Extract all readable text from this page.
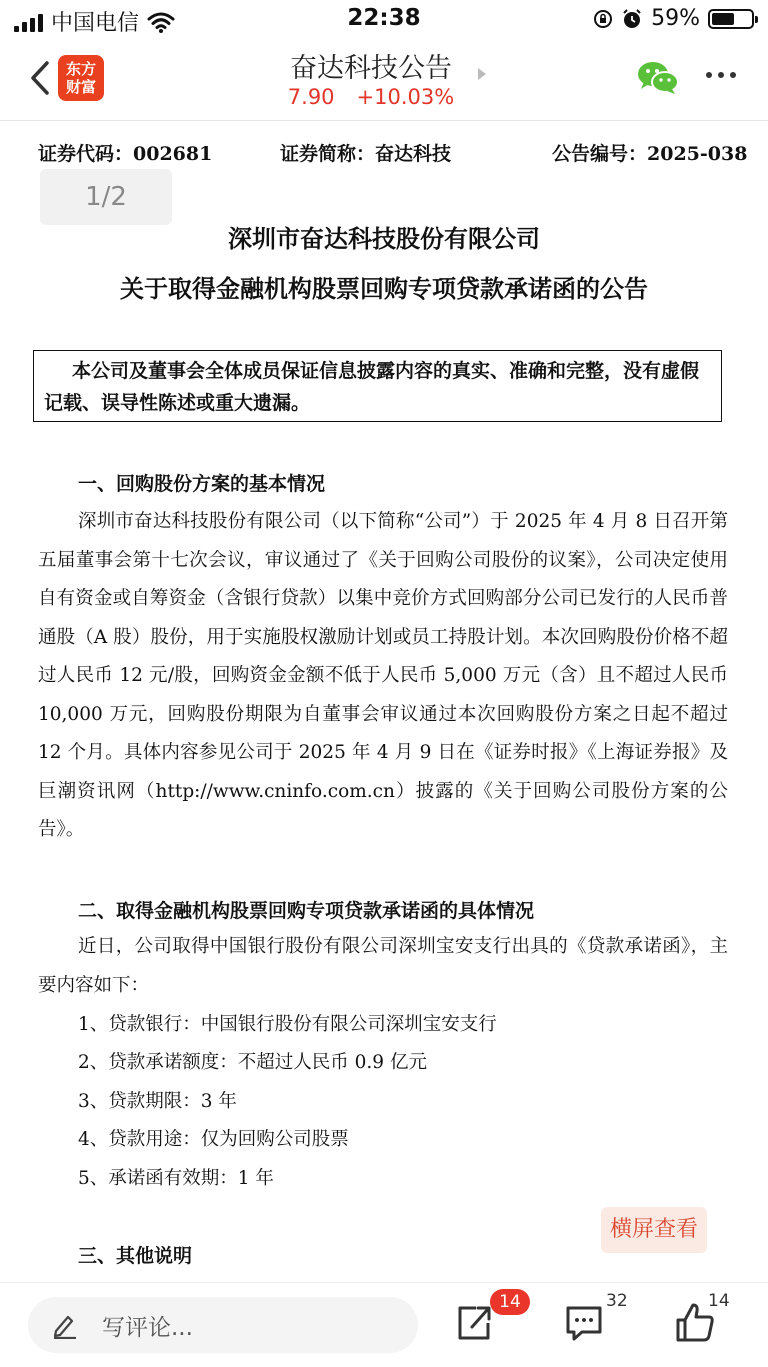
中国电信	22:38	59%
东方
财富
奋达科技公告
7.90 +10.03%
证券代码：002681	证券简称：奋达科技	公告编号：2025-038
1/2
深圳市奋达科技股份有限公司
关于取得金融机构股票回购专项贷款承诺函的公告
本公司及董事会全体成员保证信息披露内容的真实、准确和完整，没有虚假
记载、误导性陈述或重大遗漏。
一、回购股份方案的基本情况
深圳市奋达科技股份有限公司（以下简称“公司”）于 2025 年 4 月 8 日召开第五届董事会第十七次会议，审议通过了《关于回购公司股份的议案》，公司决定使用自有资金或自筹资金（含银行贷款）以集中竞价方式回购部分公司已发行的人民币普通股（A 股）股份，用于实施股权激励计划或员工持股计划。本次回购股份价格不超过人民币 12 元/股，回购资金金额不低于人民币 5,000 万元（含）且不超过人民币 10,000 万元，回购股份期限为自董事会审议通过本次回购股份方案之日起不超过 12 个月。具体内容参见公司于 2025 年 4 月 9 日在《证券时报》《上海证券报》及巨潮资讯网（http://www.cninfo.com.cn）披露的《关于回购公司股份方案的公告》。
二、取得金融机构股票回购专项贷款承诺函的具体情况
近日，公司取得中国银行股份有限公司深圳宝安支行出具的《贷款承诺函》，主要内容如下：
1、贷款银行：中国银行股份有限公司深圳宝安支行
2、贷款承诺额度：不超过人民币 0.9 亿元
3、贷款期限：3 年
4、贷款用途：仅为回购公司股票
5、承诺函有效期：1 年
三、其他说明
横屏查看
写评论...
14	32	14
